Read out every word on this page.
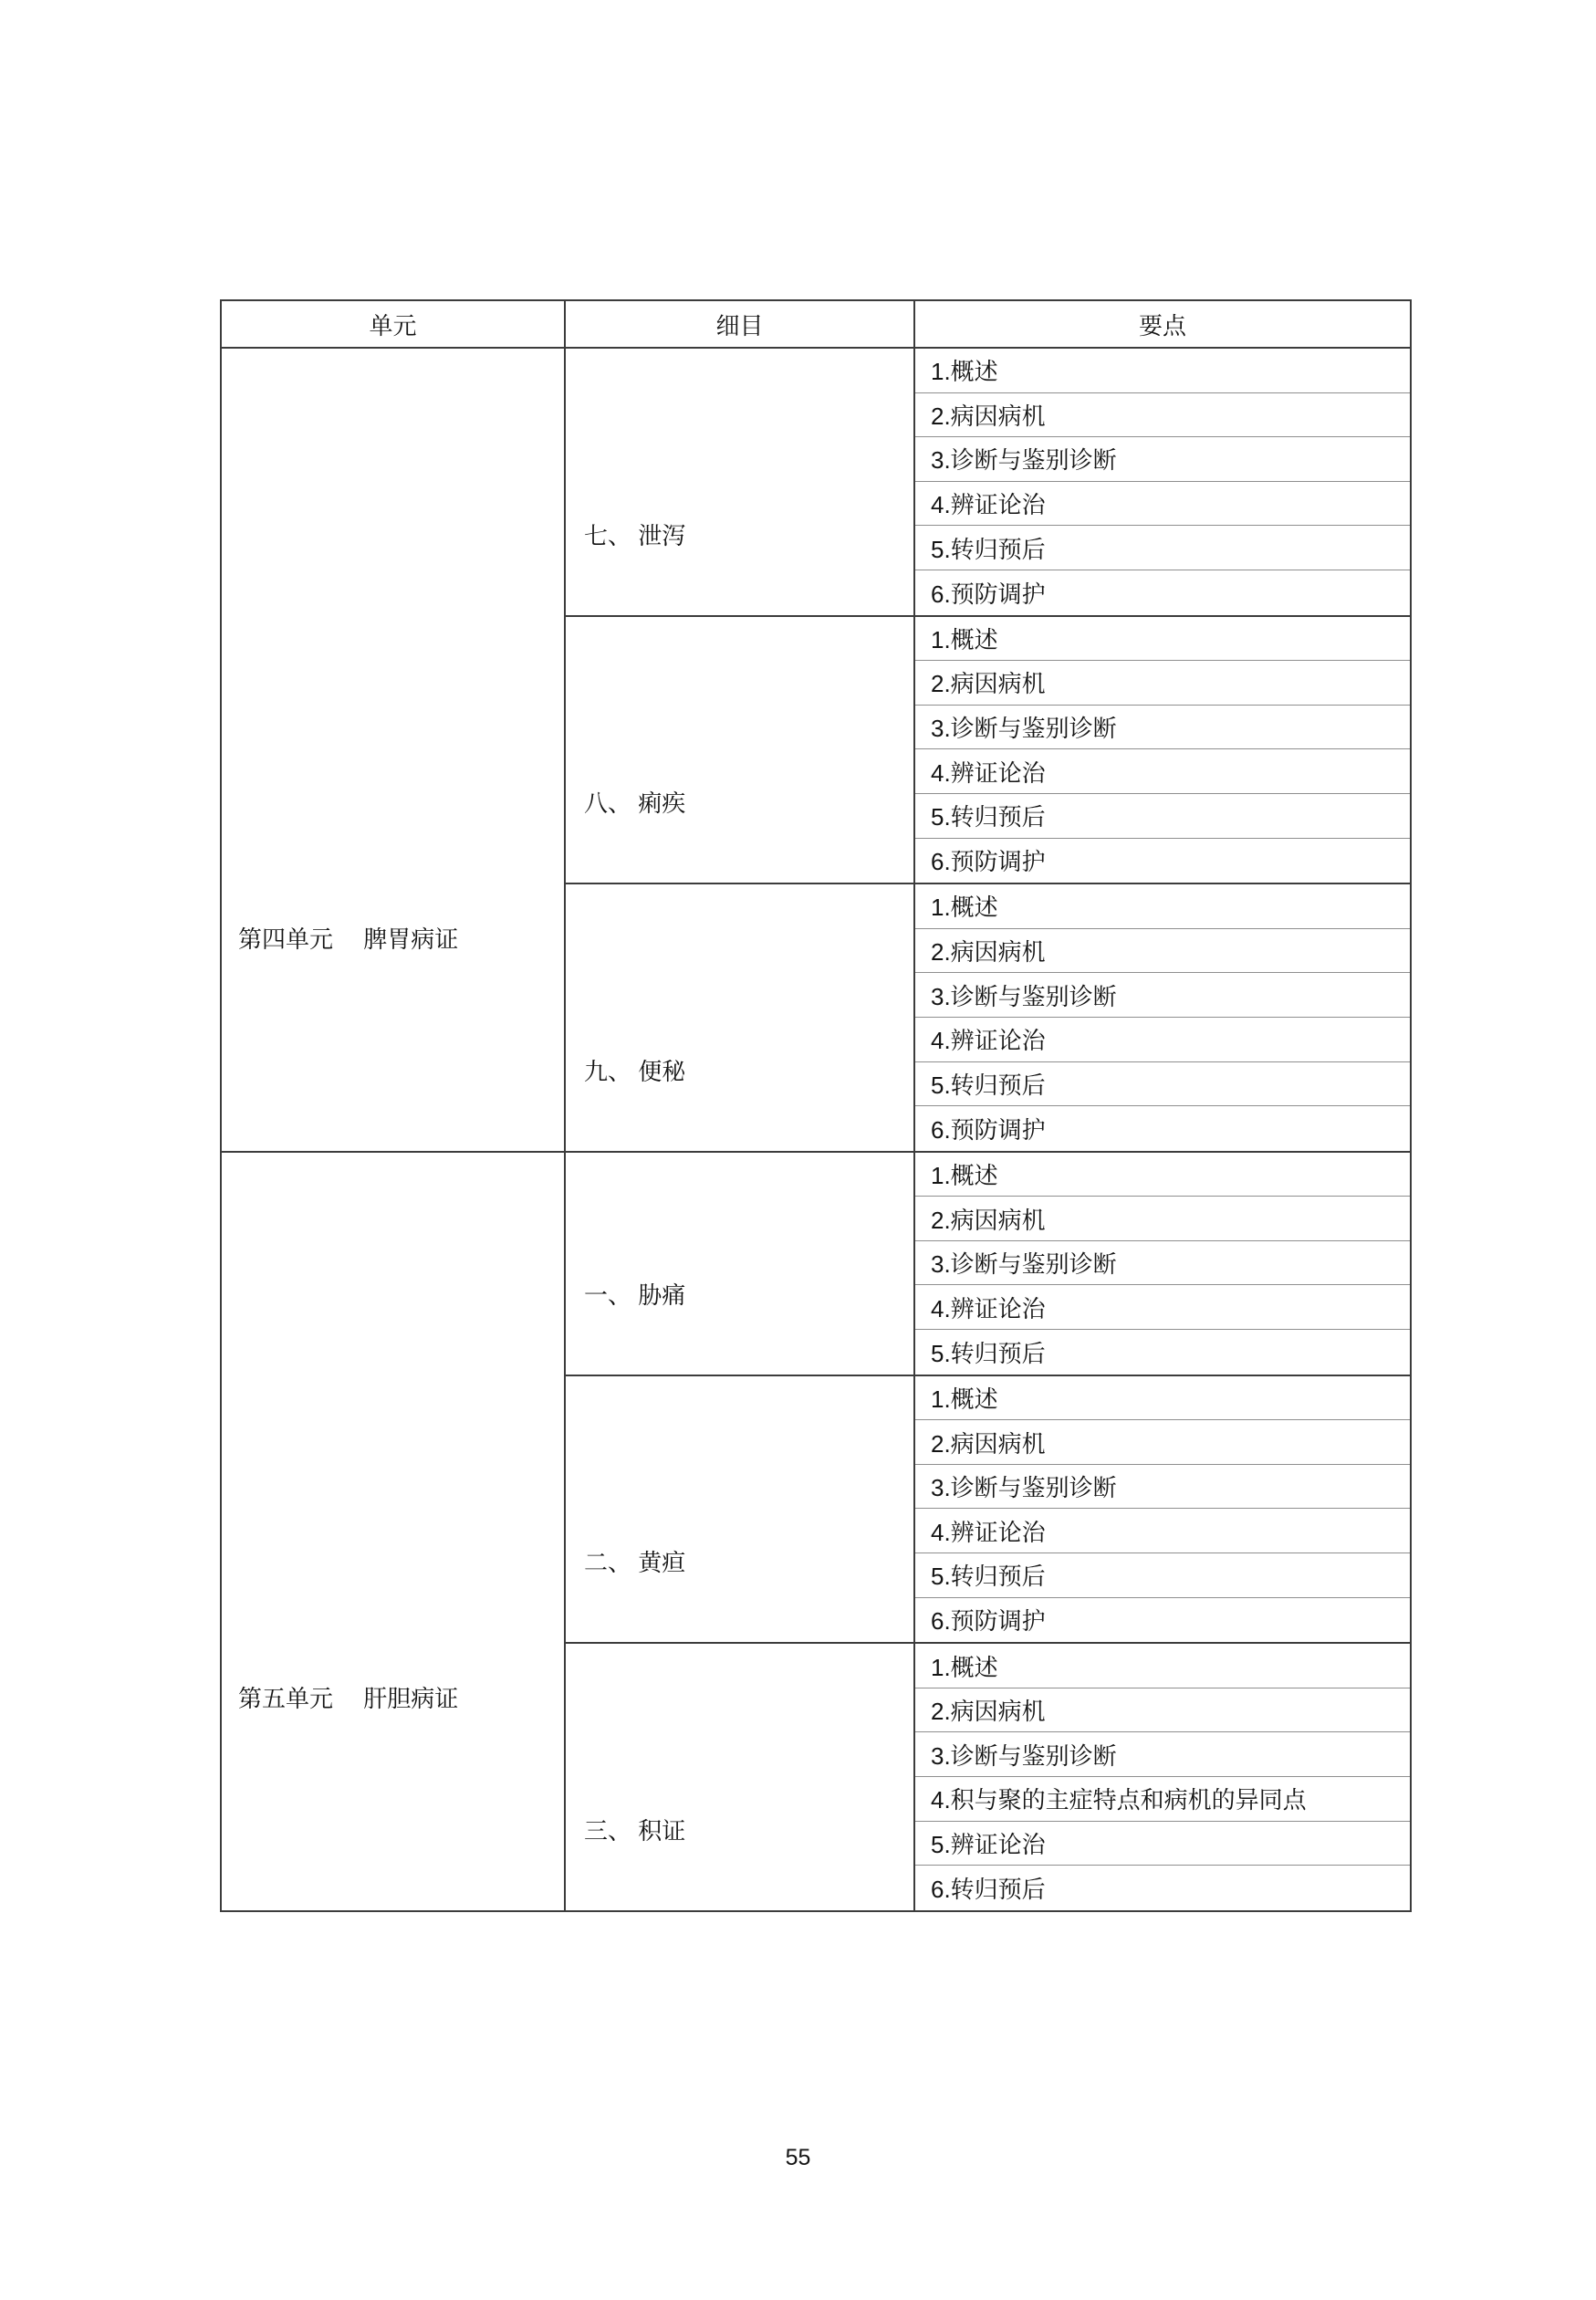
单元	细目	要点
第四单元　 脾胃病证
七、 泄泻
1.概述
2.病因病机
3.诊断与鉴别诊断
4.辨证论治
5.转归预后
6.预防调护
八、 痢疾
1.概述
2.病因病机
3.诊断与鉴别诊断
4.辨证论治
5.转归预后
6.预防调护
九、 便秘
1.概述
2.病因病机
3.诊断与鉴别诊断
4.辨证论治
5.转归预后
6.预防调护
第五单元　 肝胆病证
一、 胁痛
1.概述
2.病因病机
3.诊断与鉴别诊断
4.辨证论治
5.转归预后
二、 黄疸
1.概述
2.病因病机
3.诊断与鉴别诊断
4.辨证论治
5.转归预后
6.预防调护
三、 积证
1.概述
2.病因病机
3.诊断与鉴别诊断
4.积与聚的主症特点和病机的异同点
5.辨证论治
6.转归预后
55
